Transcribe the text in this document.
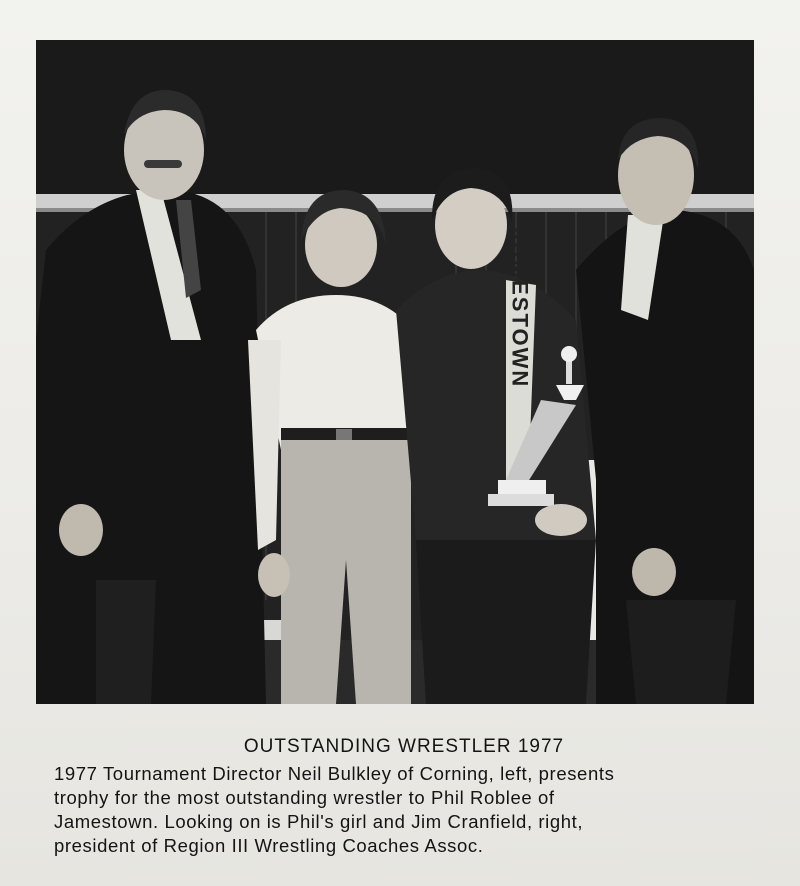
JAMESTOWN
OUTSTANDING WRESTLER 1977
1977 Tournament Director Neil Bulkley of Corning, left, presents
trophy for the most outstanding wrestler to Phil Roblee of
Jamestown. Looking on is Phil's girl and Jim Cranfield, right,
president of Region III Wrestling Coaches Assoc.
